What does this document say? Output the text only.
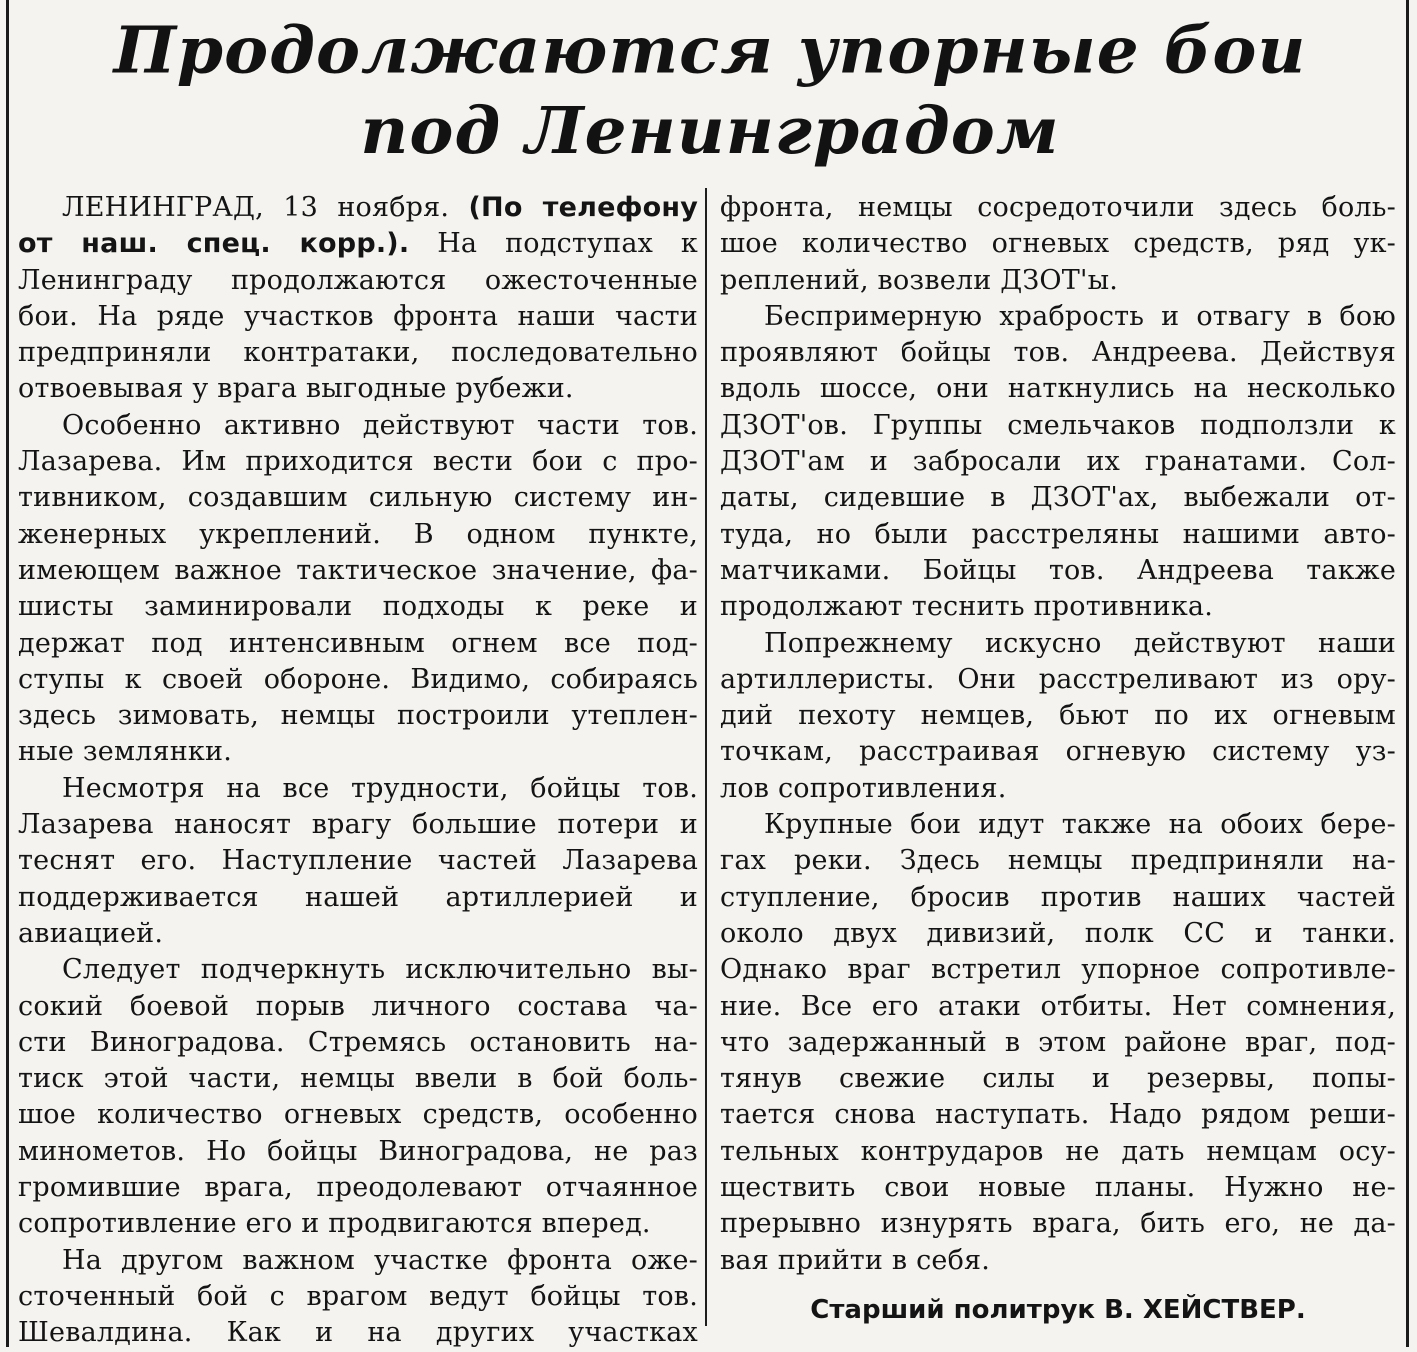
Продолжаются упорные бои
под Ленинградом
ЛЕНИНГРАД, 13 ноября. (По телефону
от наш. спец. корр.). На подступах к
Ленинграду продолжаются ожесточенные
бои. На ряде участков фронта наши части
предприняли контратаки, последовательно
отвоевывая у врага выгодные рубежи.
Особенно активно действуют части тов.
Лазарева. Им приходится вести бои с про-
тивником, создавшим сильную систему ин-
женерных укреплений. В одном пункте,
имеющем важное тактическое значение, фа-
шисты заминировали подходы к реке и
держат под интенсивным огнем все под-
ступы к своей обороне. Видимо, собираясь
здесь зимовать, немцы построили утеплен-
ные землянки.
Несмотря на все трудности, бойцы тов.
Лазарева наносят врагу большие потери и
теснят его. Наступление частей Лазарева
поддерживается нашей артиллерией и
авиацией.
Следует подчеркнуть исключительно вы-
сокий боевой порыв личного состава ча-
сти Виноградова. Стремясь остановить на-
тиск этой части, немцы ввели в бой боль-
шое количество огневых средств, особенно
минометов. Но бойцы Виноградова, не раз
громившие врага, преодолевают отчаянное
сопротивление его и продвигаются вперед.
На другом важном участке фронта оже-
сточенный бой с врагом ведут бойцы тов.
Шевалдина. Как и на других участках
фронта, немцы сосредоточили здесь боль-
шое количество огневых средств, ряд ук-
реплений, возвели ДЗОТ'ы.
Беспримерную храбрость и отвагу в бою
проявляют бойцы тов. Андреева. Действуя
вдоль шоссе, они наткнулись на несколько
ДЗОТ'ов. Группы смельчаков подползли к
ДЗОТ'ам и забросали их гранатами. Сол-
даты, сидевшие в ДЗОТ'ах, выбежали от-
туда, но были расстреляны нашими авто-
матчиками. Бойцы тов. Андреева также
продолжают теснить противника.
Попрежнему искусно действуют наши
артиллеристы. Они расстреливают из ору-
дий пехоту немцев, бьют по их огневым
точкам, расстраивая огневую систему уз-
лов сопротивления.
Крупные бои идут также на обоих бере-
гах реки. Здесь немцы предприняли на-
ступление, бросив против наших частей
около двух дивизий, полк СС и танки.
Однако враг встретил упорное сопротивле-
ние. Все его атаки отбиты. Нет сомнения,
что задержанный в этом районе враг, под-
тянув свежие силы и резервы, попы-
тается снова наступать. Надо рядом реши-
тельных контрударов не дать немцам осу-
ществить свои новые планы. Нужно не-
прерывно изнурять врага, бить его, не да-
вая прийти в себя.
Старший политрук В. ХЕЙСТВЕР.
